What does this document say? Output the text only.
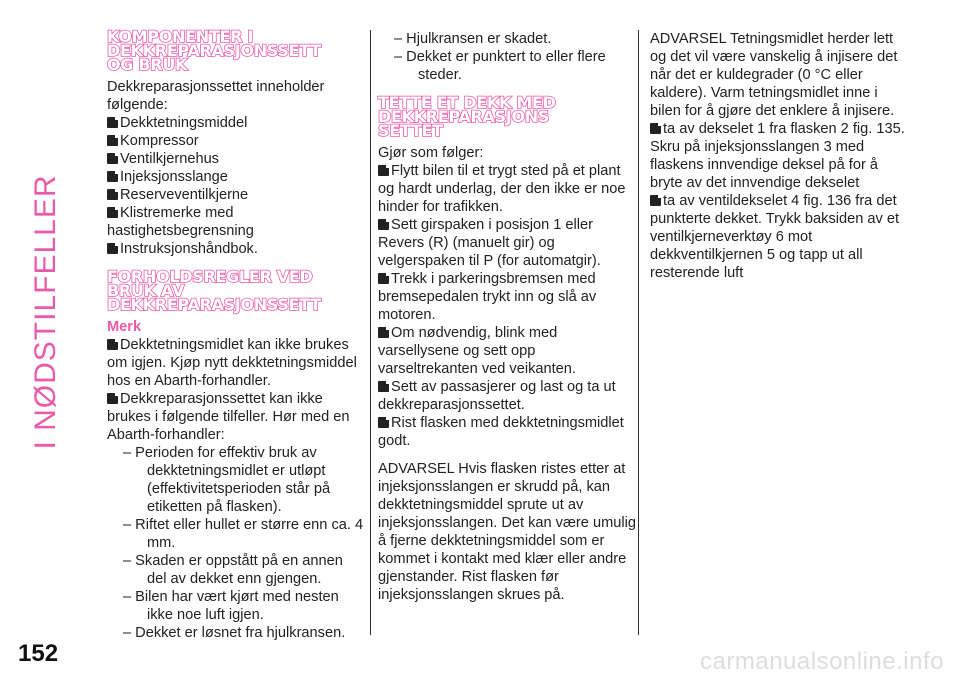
I NØDSTILFELLER
KOMPONENTER I
DEKKREPARASJONSSETT
OG BRUK

Dekkreparasjonssettet inneholder følgende:

Dekktetningsmiddel

Kompressor

Ventilkjernehus

Injeksjonsslange

Reserveventilkjerne

Klistremerke med hastighetsbegrensning

Instruksjonshåndbok.

FORHOLDSREGLER VED
BRUK AV
DEKKREPARASJONSSETT

Merk

Dekktetningsmidlet kan ikke brukes om igjen. Kjøp nytt dekktetningsmiddel hos en Abarth-forhandler.

Dekkreparasjonssettet kan ikke brukes i følgende tilfeller. Hør med en Abarth-forhandler:

– Perioden for effektiv bruk av dekktetningsmidlet er utløpt (effektivitetsperioden står på etiketten på flasken).

– Riftet eller hullet er større enn ca. 4 mm.

– Skaden er oppstått på en annen del av dekket enn gjengen.

– Bilen har vært kjørt med nesten ikke noe luft igjen.

– Dekket er løsnet fra hjulkransen.

– Hjulkransen er skadet.

– Dekket er punktert to eller flere steder.

TETTE ET DEKK MED
DEKKREPARASJONS
SETTET

Gjør som følger:

Flytt bilen til et trygt sted på et plant og hardt underlag, der den ikke er noe hinder for trafikken.

Sett girspaken i posisjon 1 eller Revers (R) (manuelt gir) og velgerspaken til P (for automatgir).

Trekk i parkeringsbremsen med bremsepedalen trykt inn og slå av motoren.

Om nødvendig, blink med varsellysene og sett opp varseltrekanten ved veikanten.

Sett av passasjerer og last og ta ut dekkreparasjonssettet.

Rist flasken med dekktetningsmidlet godt.

ADVARSEL Hvis flasken ristes etter at injeksjonsslangen er skrudd på, kan dekktetningsmiddel sprute ut av injeksjonsslangen. Det kan være umulig å fjerne dekktetningsmiddel som er kommet i kontakt med klær eller andre gjenstander. Rist flasken før injeksjonsslangen skrues på.

ADVARSEL Tetningsmidlet herder lett og det vil være vanskelig å injisere det når det er kuldegrader (0 °C eller kaldere). Varm tetningsmidlet inne i bilen for å gjøre det enklere å injisere.

ta av dekselet 1 fra flasken 2 fig. 135. Skru på injeksjonsslangen 3 med flaskens innvendige deksel på for å bryte av det innvendige dekselet

ta av ventildekselet 4 fig. 136 fra det punkterte dekket. Trykk baksiden av et ventilkjerneverktøy 6 mot dekkventilkjernen 5 og tapp ut all resterende luft

152	carmanualsonline.info
